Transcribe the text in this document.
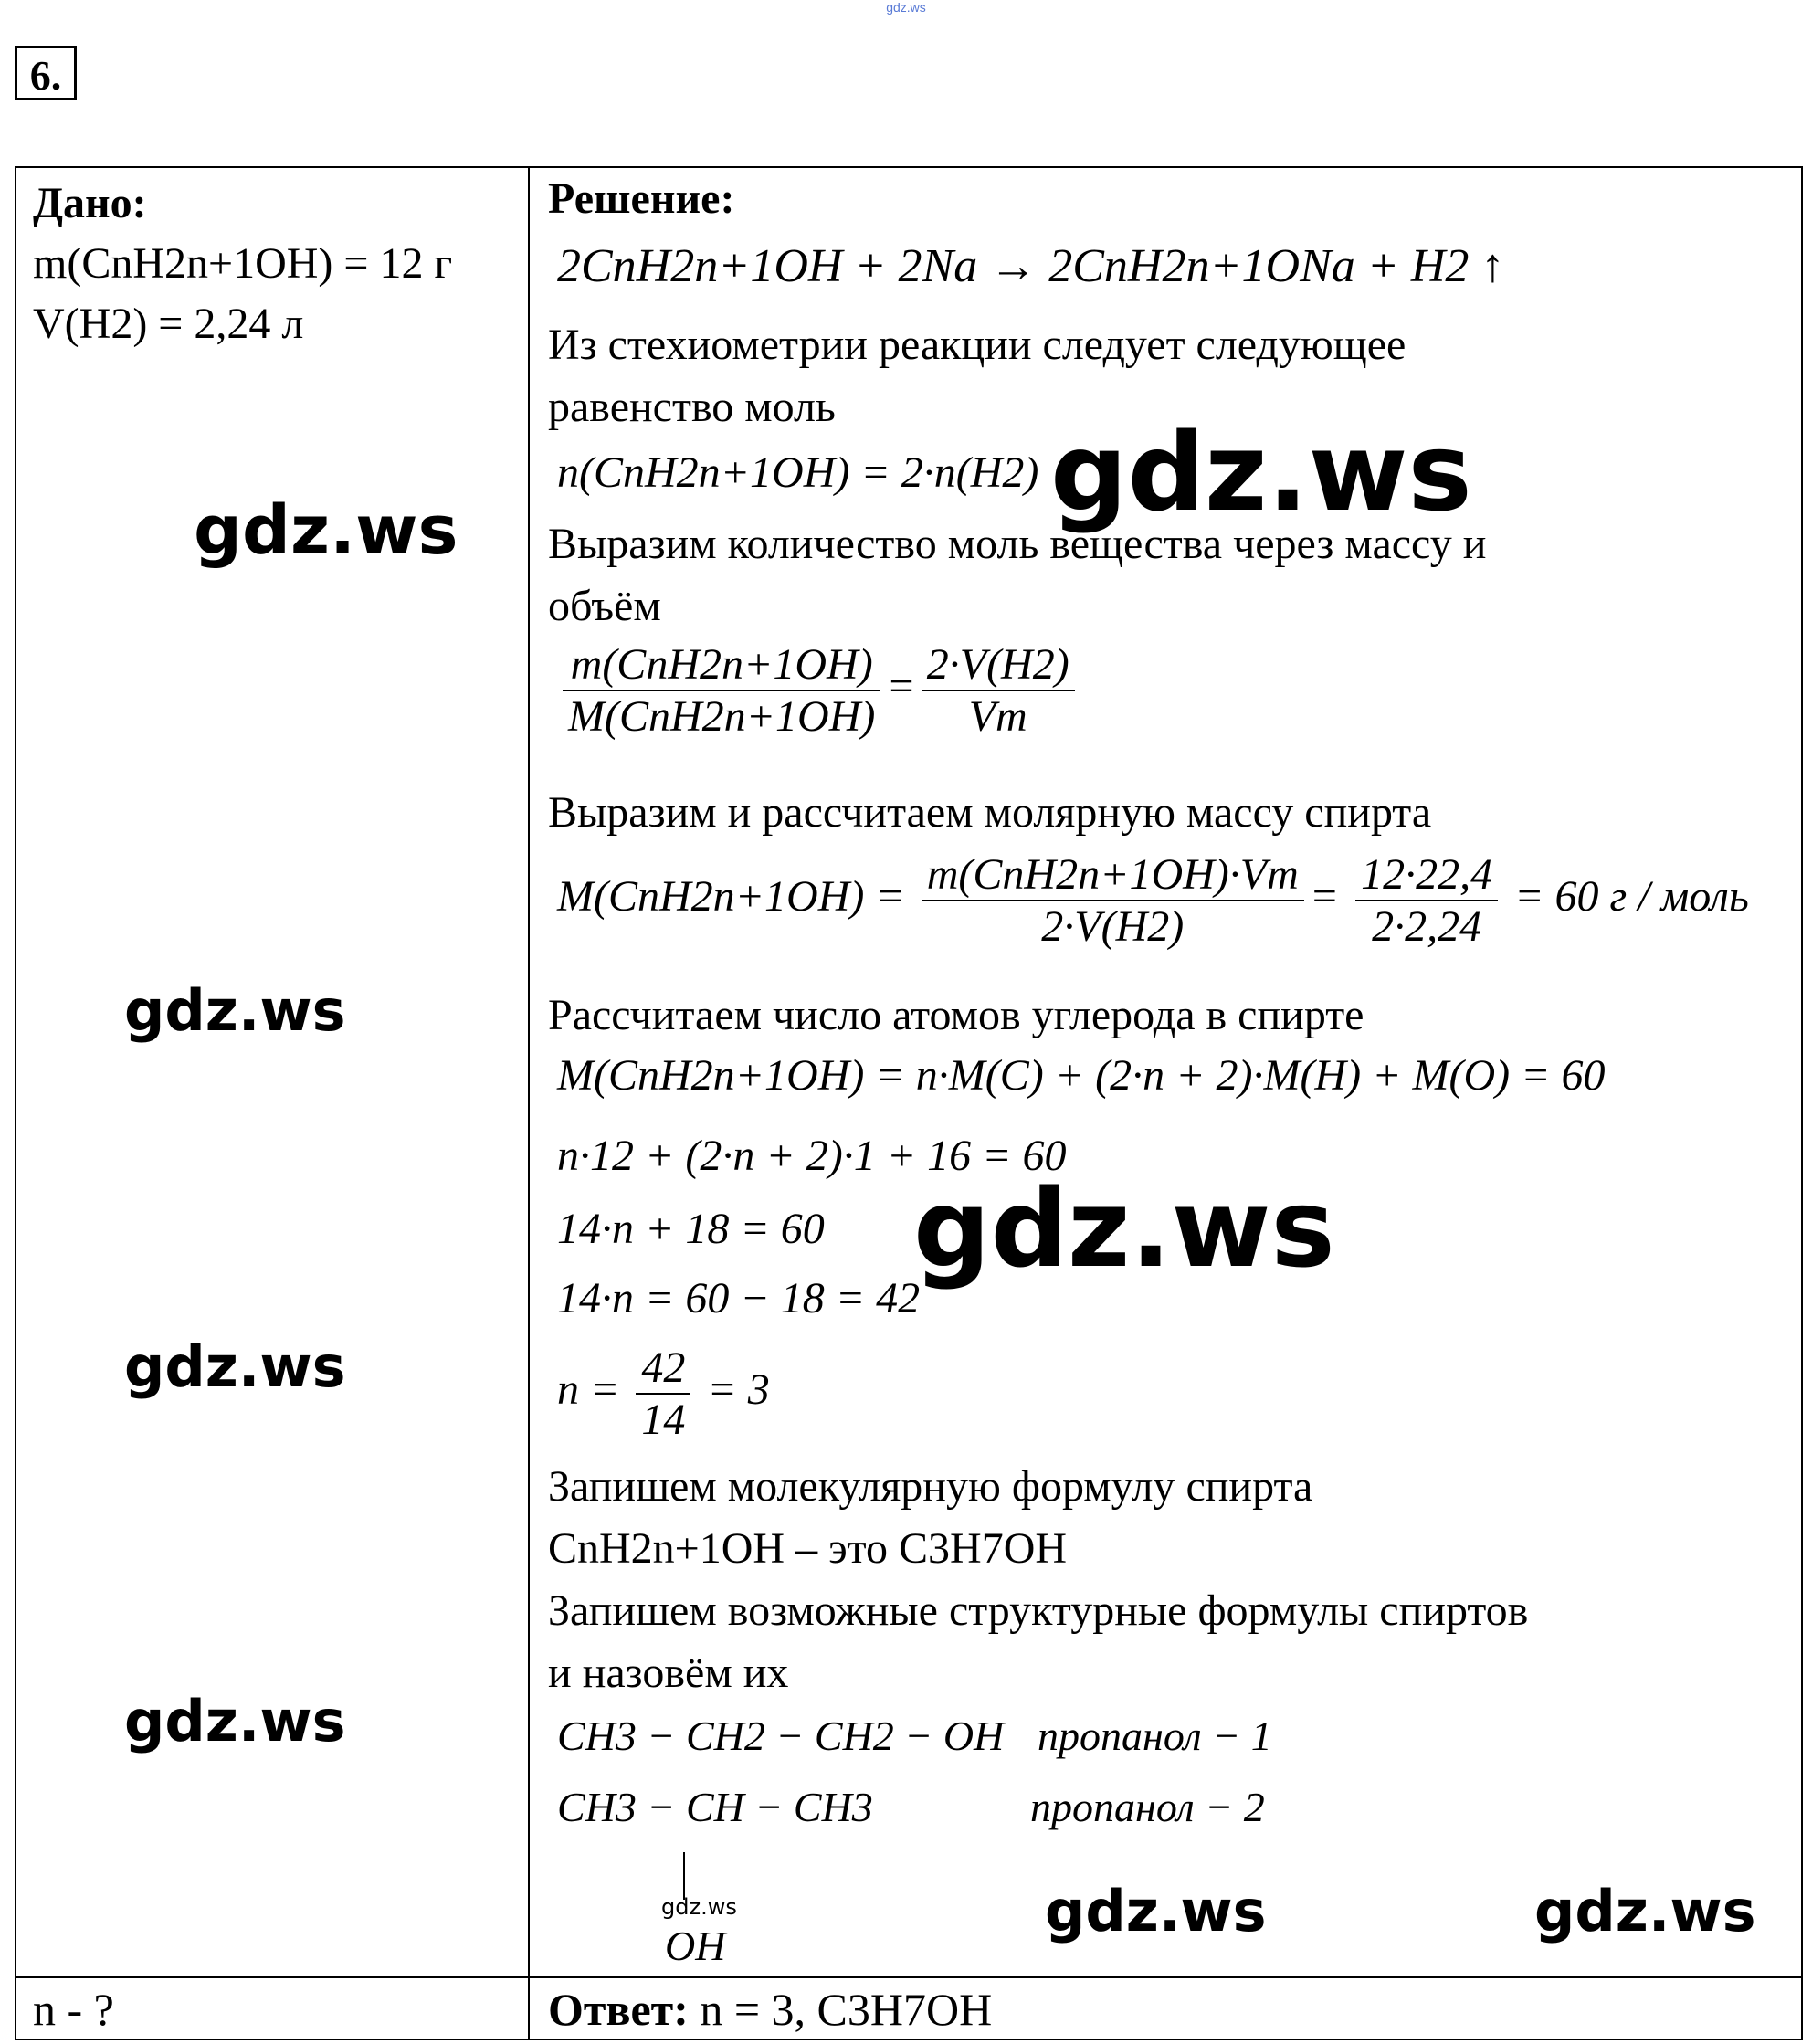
gdz.ws
6.
Дано:
m(CnH2n+1OH) = 12 г
V(H2) = 2,24 л
n - ?
Решение:
2CnH2n+1OH + 2Na → 2CnH2n+1ONa + H2 ↑
Из стехиометрии реакции следует следующее
равенство моль
n(CnH2n+1OH) = 2·n(H2)
Выразим количество моль вещества через массу и
объём
$\frac{\text{m(CnH2n+1OH)}}{\text{M(CnH2n+1OH)}} = \frac{2\cdot V(H2)}{Vm}$
Выразим и рассчитаем молярную массу спирта
$M(CnH2n+1OH) = \frac{\text{m(CnH2n+1OH)·Vm}}{2\cdot V(H2)} = \frac{12\cdot 22,4}{2\cdot 2,24} = 60$ г / моль
Рассчитаем число атомов углерода в спирте
M(CnH2n+1OH) = n·M(C) + (2·n + 2)·M(H) + M(O) = 60
n·12 + (2·n + 2)·1 + 16 = 60
14·n + 18 = 60
14·n = 60 − 18 = 42
$n = \frac{42}{14} = 3$
Запишем молекулярную формулу спирта
CnH2n+1OH – это C3H7OH
Запишем возможные структурные формулы спиртов
и назовём их
CH3 − CH2 − CH2 − OH пропанол − 1
CH3 − CH − CH3	пропанол − 2
OH
Ответ: n = 3, C3H7OH
gdz.ws
gdz.ws
gdz.ws
gdz.ws
gdz.ws
gdz.ws
gdz.ws	gdz.ws
gdz.ws
